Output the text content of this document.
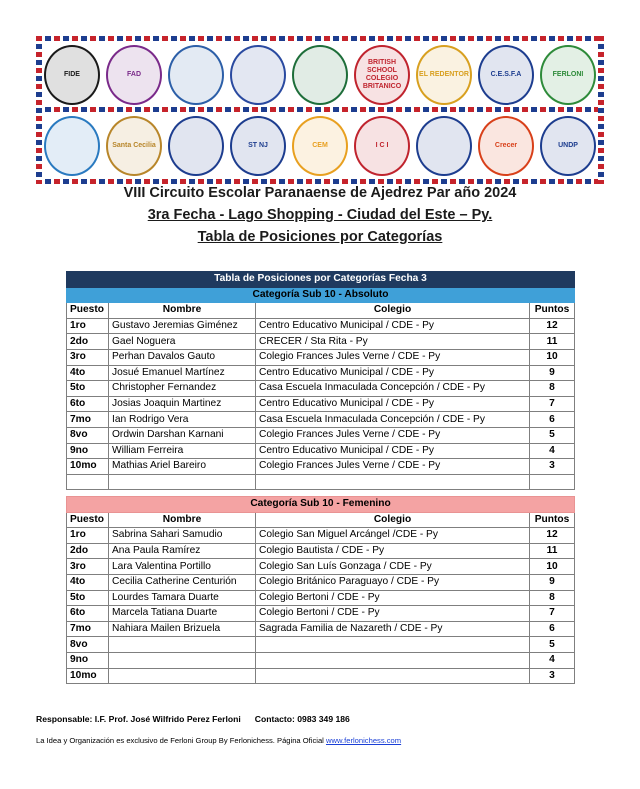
FIDE	FAD
BRITISH SCHOOL COLEGIO BRITANICO
EL REDENTOR	C.E.S.F.A	FERLONI
Santa Cecilia	ST NJ	CEM	I C I	Crecer	UNDP
VIII Circuito Escolar Paranaense de Ajedrez Par año 2024
3ra Fecha - Lago Shopping - Ciudad del Este – Py.
Tabla de Posiciones por Categorías
Tabla de Posiciones por Categorías Fecha 3			
Categoría Sub 10 - Absoluto			
Puesto	Nombre	Colegio	Puntos
1ro	Gustavo Jeremias Giménez	Centro Educativo Municipal / CDE - Py	12
2do	Gael Noguera	CRECER / Sta Rita - Py	11
3ro	Perhan Davalos Gauto	Colegio Frances Jules Verne / CDE - Py	10
4to	Josué Emanuel Martínez	Centro Educativo Municipal / CDE - Py	9
5to	Christopher Fernandez	Casa Escuela Inmaculada Concepción / CDE - Py	8
6to	Josias Joaquin Martinez	Centro Educativo Municipal / CDE - Py	7
7mo	Ian Rodrigo Vera	Casa Escuela Inmaculada Concepción / CDE - Py	6
8vo	Ordwin Darshan Karnani	Colegio Frances Jules Verne / CDE - Py	5
9no	William Ferreira	Centro Educativo Municipal / CDE - Py	4
10mo	Mathias Ariel Bareiro	Colegio Frances Jules Verne / CDE - Py	3

Categoría Sub 10 - Femenino			
Puesto	Nombre	Colegio	Puntos
1ro	Sabrina Sahari Samudio	Colegio San Miguel Arcángel /CDE - Py	12
2do	Ana Paula Ramírez	Colegio Bautista / CDE - Py	11
3ro	Lara Valentina Portillo	Colegio San Luís Gonzaga / CDE - Py	10
4to	Cecilia Catherine Centurión	Colegio Británico Paraguayo / CDE - Py	9
5to	Lourdes Tamara Duarte	Colegio Bertoni / CDE - Py	8
6to	Marcela Tatiana Duarte	Colegio Bertoni / CDE - Py	7
7mo	Nahiara Mailen Brizuela	Sagrada Familia de Nazareth / CDE - Py	6
8vo			5
9no			4
10mo			3
Responsable: I.F. Prof. José Wilfrido Perez Ferloni Contacto: 0983 349 186
La Idea y Organización es exclusivo de Ferloni Group By Ferlonichess. Página Oficial www.ferlonichess.com
